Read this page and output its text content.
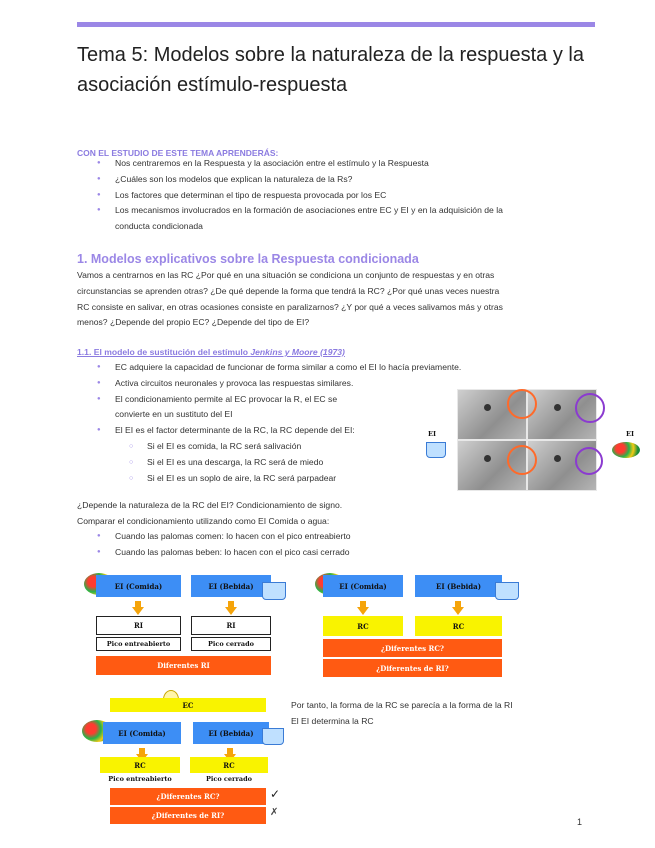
Tema 5: Modelos sobre la naturaleza de la respuesta y la asociación estímulo-respuesta
CON EL ESTUDIO DE ESTE TEMA APRENDERÁS:
● Nos centraremos en la Respuesta y la asociación entre el estímulo y la Respuesta
● ¿Cuáles son los modelos que explican la naturaleza de la Rs?
● Los factores que determinan el tipo de respuesta provocada por los EC
● Los mecanismos involucrados en la formación de asociaciones entre EC y EI y en la adquisición de la
conducta condicionada
1. Modelos explicativos sobre la Respuesta condicionada
Vamos a centrarnos en las RC ¿Por qué en una situación se condiciona un conjunto de respuestas y en otras
circunstancias se aprenden otras? ¿De qué depende la forma que tendrá la RC? ¿Por qué unas veces nuestra
RC consiste en salivar, en otras ocasiones consiste en paralizarnos? ¿Y por qué a veces salivamos más y otras
menos? ¿Depende del propio EC? ¿Depende del tipo de EI?
1.1. El modelo de sustitución del estímulo Jenkins y Moore (1973)
● EC adquiere la capacidad de funcionar de forma similar a como el EI lo hacía previamente.
● Activa circuitos neuronales y provoca las respuestas similares.
● El condicionamiento permite al EC provocar la R, el EC se
convierte en un sustituto del EI
● El EI es el factor determinante de la RC, la RC depende del EI:
○ Si el EI es comida, la RC será salivación
○ Si el EI es una descarga, la RC será de miedo
○ Si el EI es un soplo de aire, la RC será parpadear
EI	EI
¿Depende la naturaleza de la RC del EI? Condicionamiento de signo.
Comparar el condicionamiento utilizando como EI Comida o agua:
● Cuando las palomas comen: lo hacen con el pico entreabierto
● Cuando las palomas beben: lo hacen con el pico casi cerrado
EI (Comida)	EI (Bebida)
RI	RI
Pico entreabierto	Pico cerrado
Diferentes RI
EI (Comida)	EI (Bebida)
RC	RC
¿Diferentes RC?
¿Diferentes de RI?
EC
EI (Comida)	EI (Bebida)
RC	RC
Pico entreabierto	Pico cerrado
¿Diferentes RC?	✓
¿Diferentes de RI?	✗
Por tanto, la forma de la RC se parecía a la forma de la RI
El EI determina la RC
1
